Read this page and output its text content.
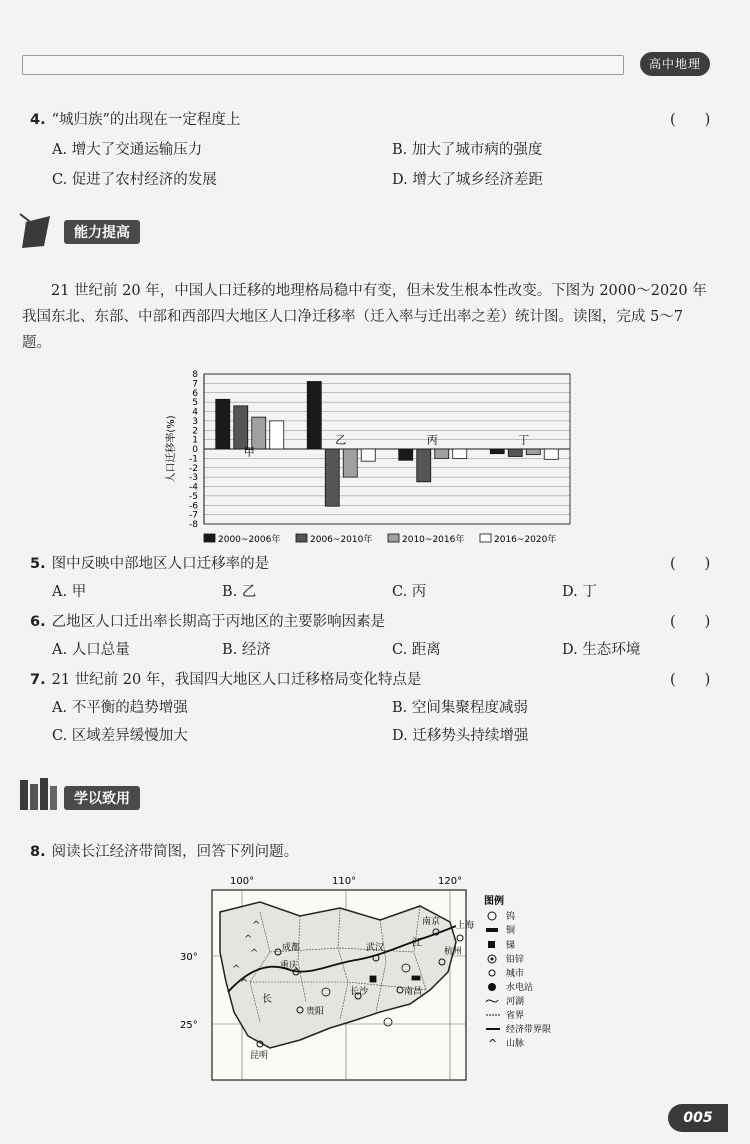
高中地理
4. “城归族”的出现在一定程度上	(　　)
A. 增大了交通运输压力	B. 加大了城市病的强度
C. 促进了农村经济的发展	D. 增大了城乡经济差距
能力提高
21 世纪前 20 年，中国人口迁移的地理格局稳中有变，但未发生根本性改变。下图为 2000～2020 年我国东北、东部、中部和西部四大地区人口净迁移率（迁入率与迁出率之差）统计图。读图，完成 5～7 题。
-8
-7
-6
-5
-4
-3
-2
-1
0
1
2
3
4
5
6
7
8
人口迁移率(%)	甲
乙	丙	丁
2000~2006年	2006~2010年	2010~2016年	2016~2020年
5. 图中反映中部地区人口迁移率的是	(　　)
A. 甲	B. 乙	C. 丙	D. 丁
6. 乙地区人口迁出率长期高于丙地区的主要影响因素是	(　　)
A. 人口总量	B. 经济	C. 距离	D. 生态环境
7. 21 世纪前 20 年，我国四大地区人口迁移格局变化特点是	(　　)
A. 不平衡的趋势增强	B. 空间集聚程度减弱
C. 区域差异缓慢加大	D. 迁移势头持续增强
学以致用
8. 阅读长江经济带简图，回答下列问题。
100°	110°	120°
30°
25°
^
^
^
^
^
成都
重庆
贵阳
昆明
武汉
长沙	南昌
南京
杭州
上海
长
江
图例
钨
铜
锑
铅锌
城市
水电站
河湖
省界
经济带界限
^ 山脉
005
